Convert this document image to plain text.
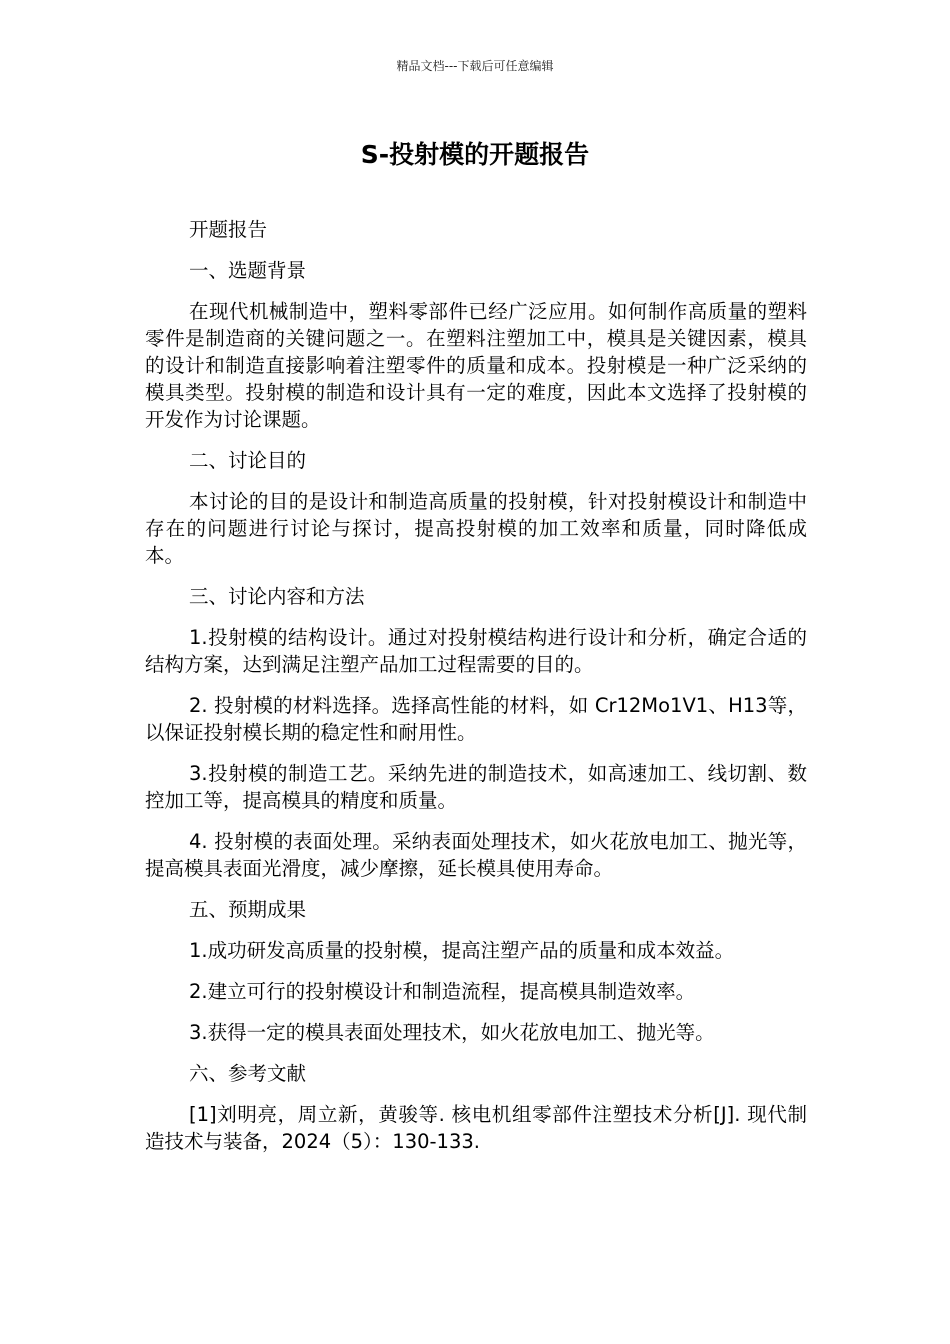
精品文档---下载后可任意编辑
S-投射模的开题报告

开题报告

一、选题背景

在现代机械制造中，塑料零部件已经广泛应用。如何制作高质量的塑料零件是制造商的关键问题之一。在塑料注塑加工中，模具是关键因素，模具的设计和制造直接影响着注塑零件的质量和成本。投射模是一种广泛采纳的模具类型。投射模的制造和设计具有一定的难度，因此本文选择了投射模的开发作为讨论课题。

二、讨论目的

本讨论的目的是设计和制造高质量的投射模，针对投射模设计和制造中存在的问题进行讨论与探讨，提高投射模的加工效率和质量，同时降低成本。

三、讨论内容和方法

1.投射模的结构设计。通过对投射模结构进行设计和分析，确定合适的结构方案，达到满足注塑产品加工过程需要的目的。

2. 投射模的材料选择。选择高性能的材料，如 Cr12Mo1V1、H13等，以保证投射模长期的稳定性和耐用性。

3.投射模的制造工艺。采纳先进的制造技术，如高速加工、线切割、数控加工等，提高模具的精度和质量。

4. 投射模的表面处理。采纳表面处理技术，如火花放电加工、抛光等，提高模具表面光滑度，减少摩擦，延长模具使用寿命。

五、预期成果

1.成功研发高质量的投射模，提高注塑产品的质量和成本效益。

2.建立可行的投射模设计和制造流程，提高模具制造效率。

3.获得一定的模具表面处理技术，如火花放电加工、抛光等。

六、参考文献

[1]刘明亮，周立新，黄骏等. 核电机组零部件注塑技术分析[J]. 现代制造技术与装备，2024（5）：130-133.
